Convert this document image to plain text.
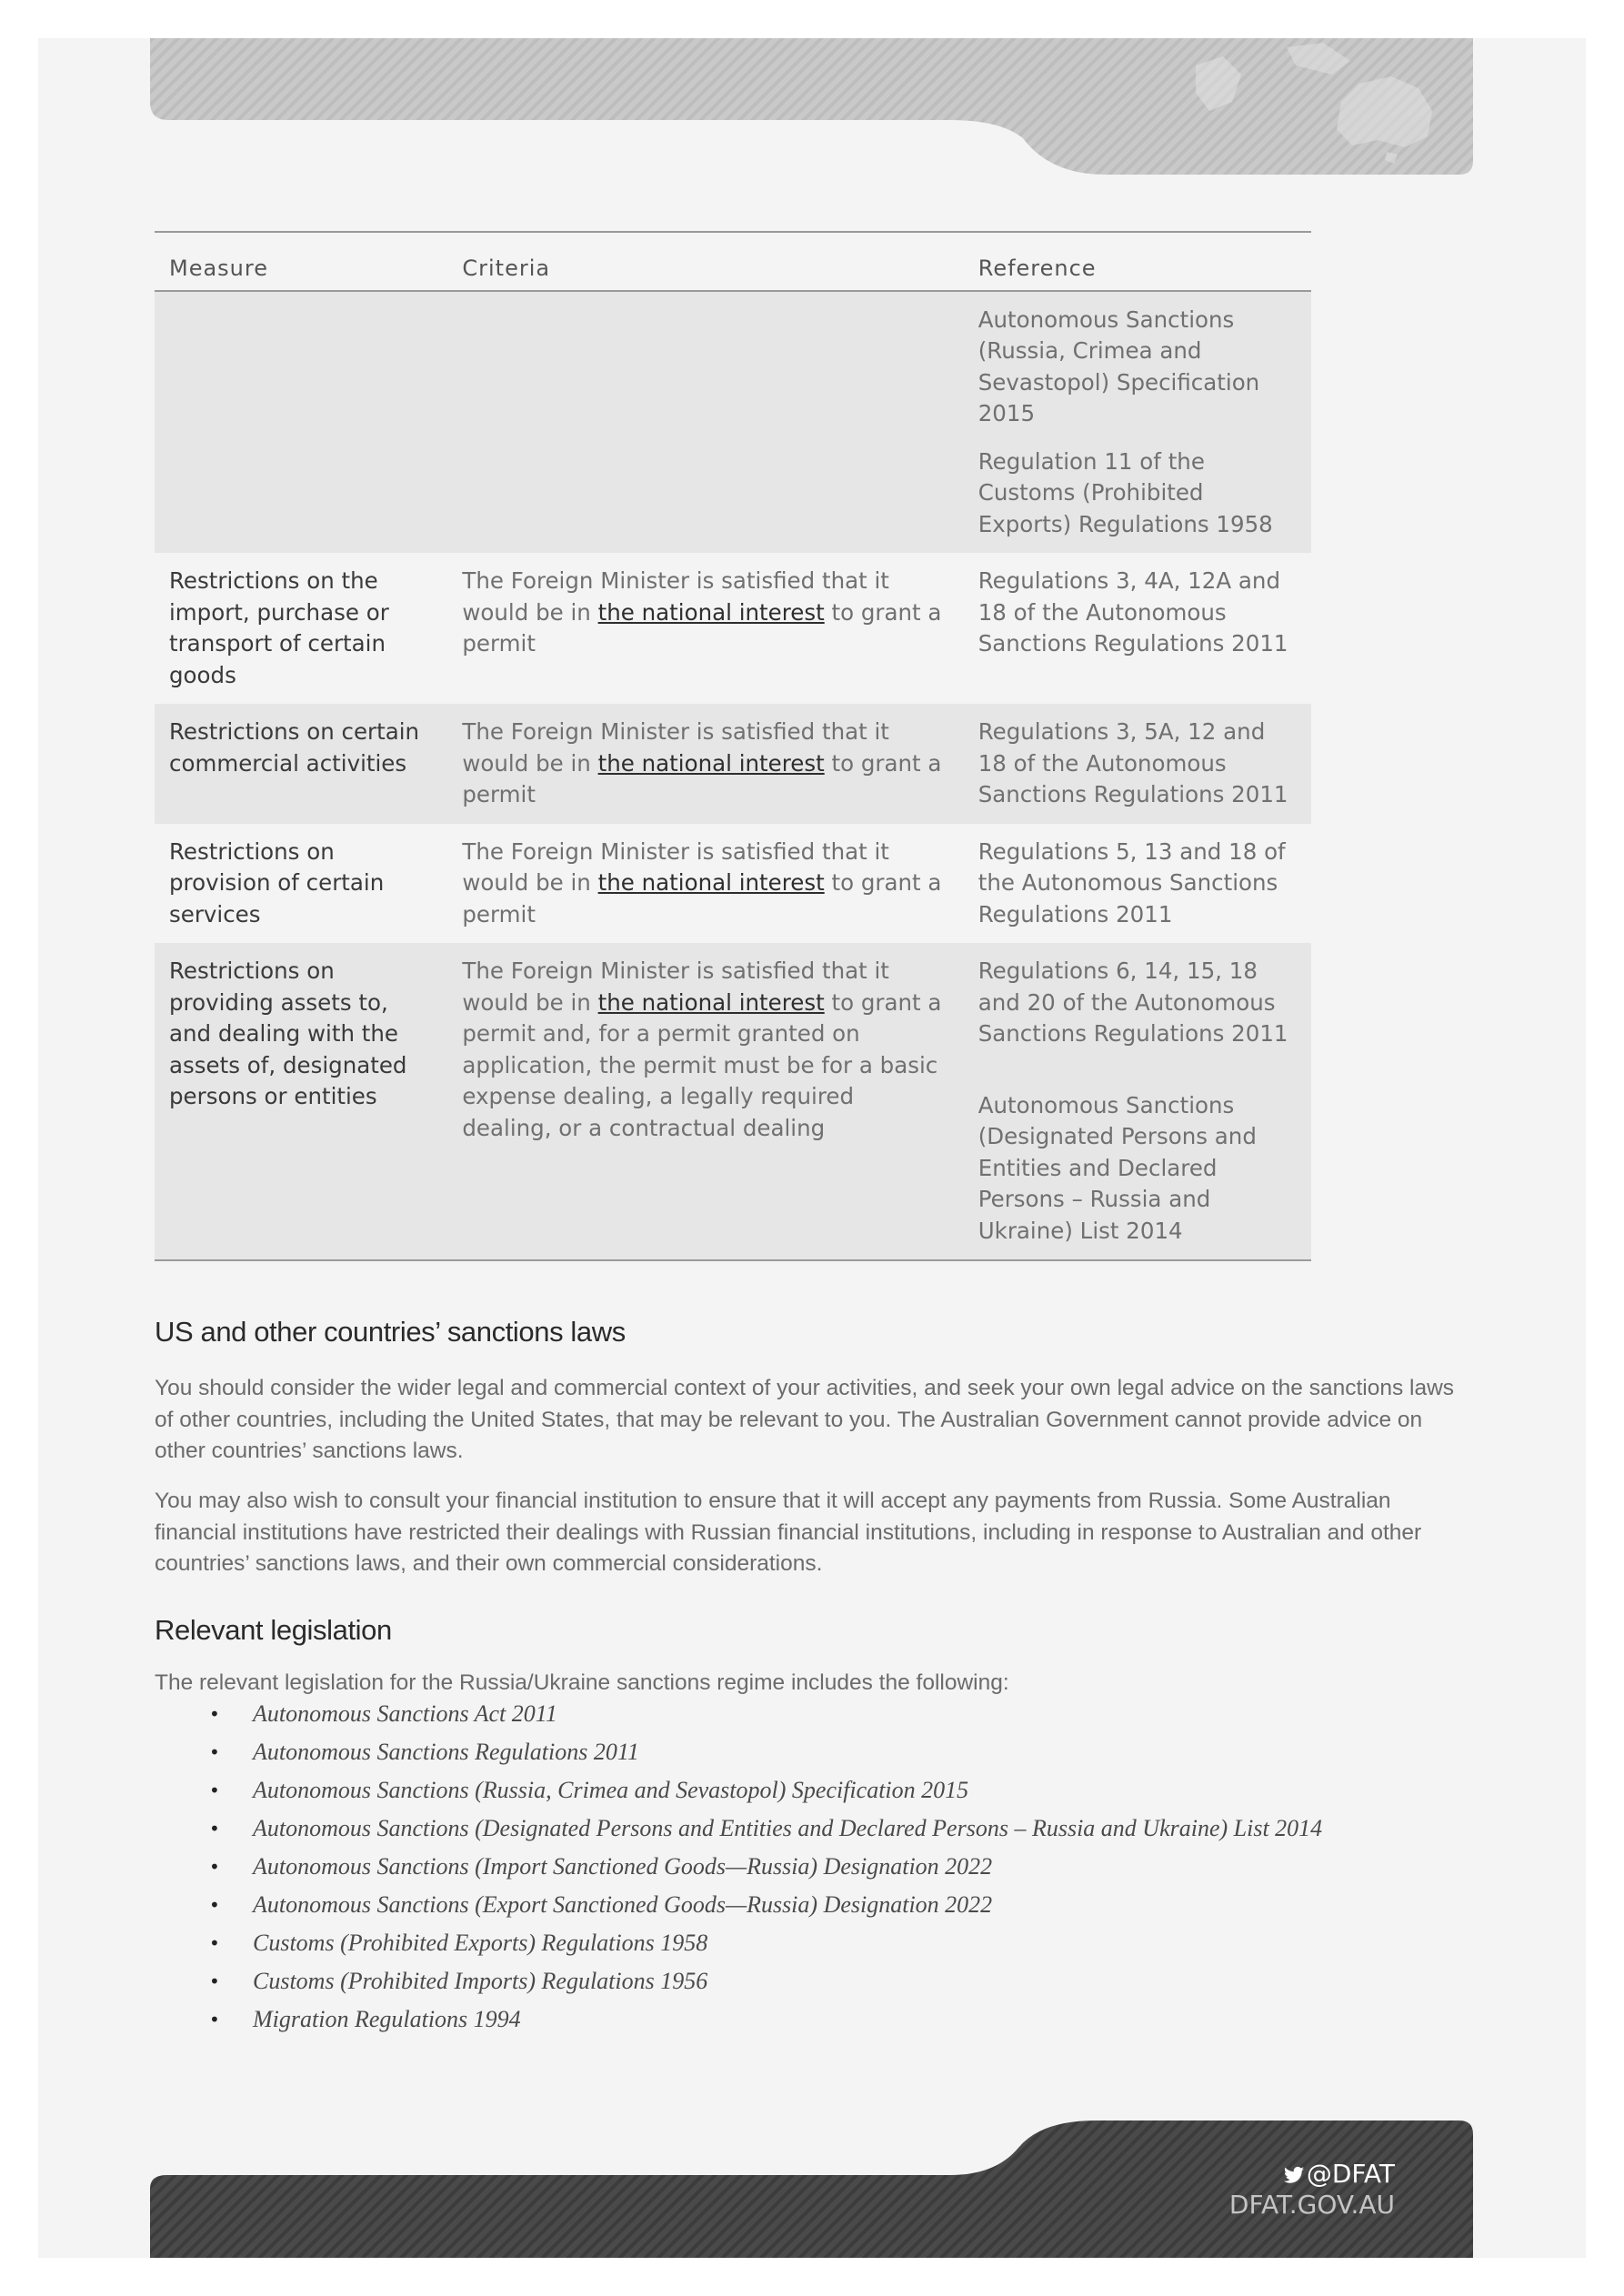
Measure	Criteria	Reference

		Autonomous Sanctions (Russia, Crimea and Sevastopol) Specification 2015
Regulation 11 of the Customs (Prohibited Exports) Regulations 1958

Restrictions on the import, purchase or transport of certain goods	The Foreign Minister is satisfied that it would be in the national interest to grant a permit	Regulations 3, 4A, 12A and 18 of the Autonomous Sanctions Regulations 2011
Restrictions on certain commercial activities	The Foreign Minister is satisfied that it would be in the national interest to grant a permit	Regulations 3, 5A, 12 and 18 of the Autonomous Sanctions Regulations 2011
Restrictions on provision of certain services	The Foreign Minister is satisfied that it would be in the national interest to grant a permit	Regulations 5, 13 and 18 of the Autonomous Sanctions Regulations 2011
Restrictions on providing assets to, and dealing with the assets of, designated persons or entities	The Foreign Minister is satisfied that it would be in the national interest to grant a permit and, for a permit granted on application, the permit must be for a basic expense dealing, a legally required dealing, or a contractual dealing	Regulations 6, 14, 15, 18 and 20 of the Autonomous Sanctions Regulations 2011
Autonomous Sanctions (Designated Persons and Entities and Declared Persons – Russia and Ukraine) List 2014
US and other countries’ sanctions laws

You should consider the wider legal and commercial context of your activities, and seek your own legal advice on the sanctions laws of other countries, including the United States, that may be relevant to you. The Australian Government cannot provide advice on other countries’ sanctions laws.

You may also wish to consult your financial institution to ensure that it will accept any payments from Russia. Some Australian financial institutions have restricted their dealings with Russian financial institutions, including in response to Australian and other countries’ sanctions laws, and their own commercial considerations.

Relevant legislation

The relevant legislation for the Russia/Ukraine sanctions regime includes the following:

• Autonomous Sanctions Act 2011
• Autonomous Sanctions Regulations 2011
• Autonomous Sanctions (Russia, Crimea and Sevastopol) Specification 2015
• Autonomous Sanctions (Designated Persons and Entities and Declared Persons – Russia and Ukraine) List 2014
• Autonomous Sanctions (Import Sanctioned Goods—Russia) Designation 2022
• Autonomous Sanctions (Export Sanctioned Goods—Russia) Designation 2022
• Customs (Prohibited Exports) Regulations 1958
• Customs (Prohibited Imports) Regulations 1956
• Migration Regulations 1994
@DFAT
DFAT.GOV.AU
